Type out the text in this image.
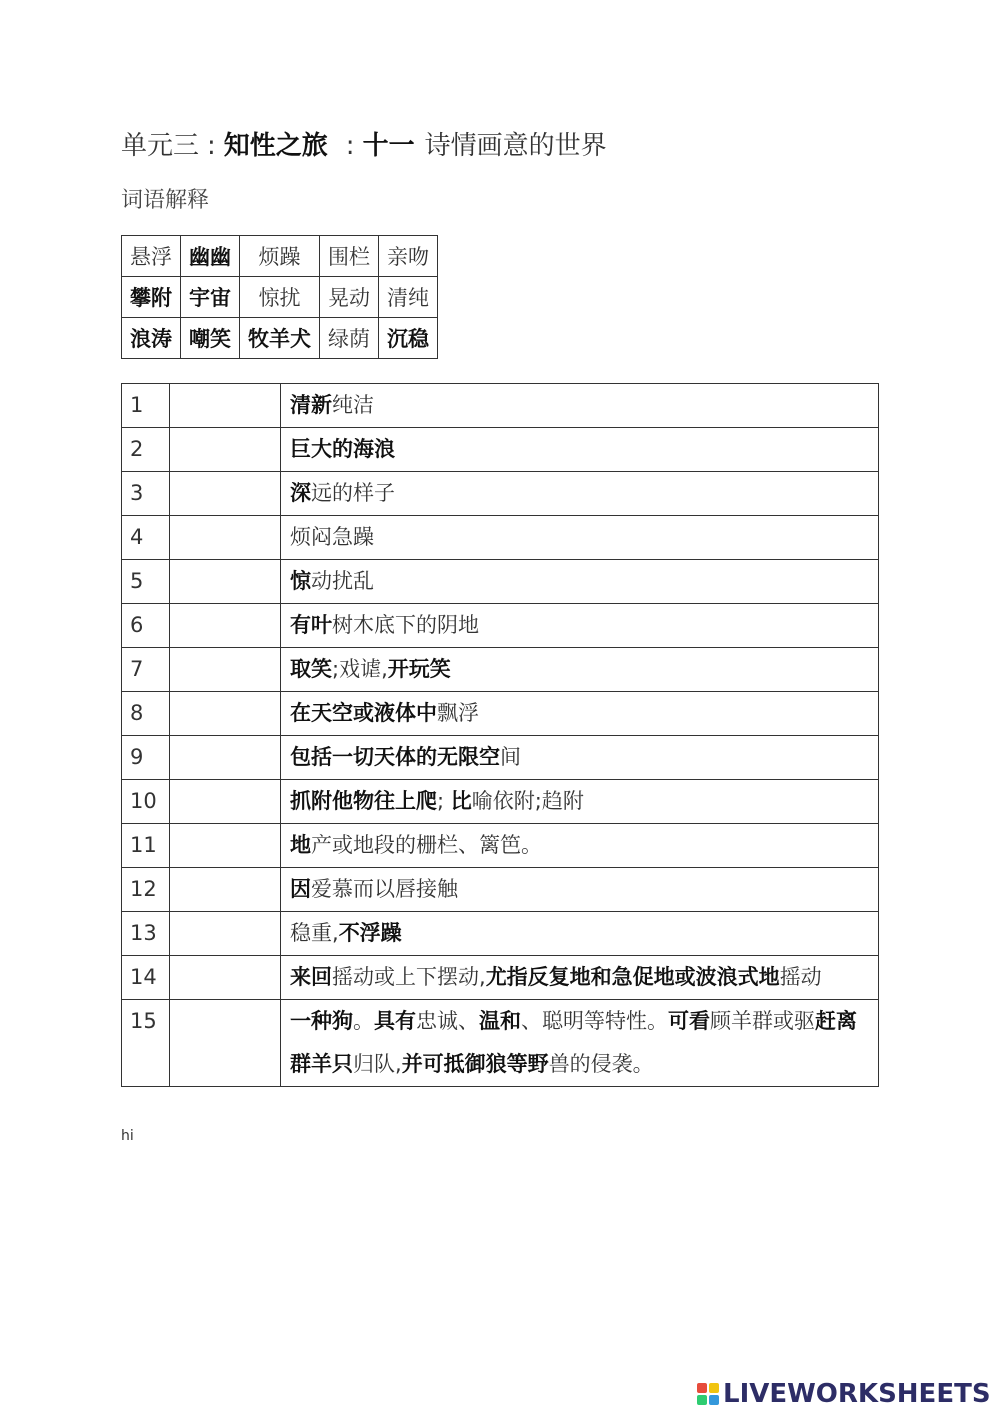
单元三 : 知性之旅 : 十一 诗情画意的世界
词语解释
悬浮	幽幽	烦躁	围栏	亲吻
攀附	宇宙	惊扰	晃动	清纯
浪涛	嘲笑	牧羊犬	绿荫	沉稳
1		清新纯洁
2		巨大的海浪
3		深远的样子
4		烦闷急躁
5		惊动扰乱
6		有叶树木底下的阴地
7		取笑;戏谑,开玩笑
8		在天空或液体中飘浮
9		包括一切天体的无限空间
10		抓附他物往上爬; 比喻依附;趋附
11		地产或地段的栅栏、篱笆。
12		因爱慕而以唇接触
13		稳重,不浮躁
14		来回摇动或上下摆动,尤指反复地和急促地或波浪式地摇动
15		一种狗。具有忠诚、温和、聪明等特性。可看顾羊群或驱赶离群羊只归队,并可抵御狼等野兽的侵袭。
hi
LIVEWORKSHEETS
